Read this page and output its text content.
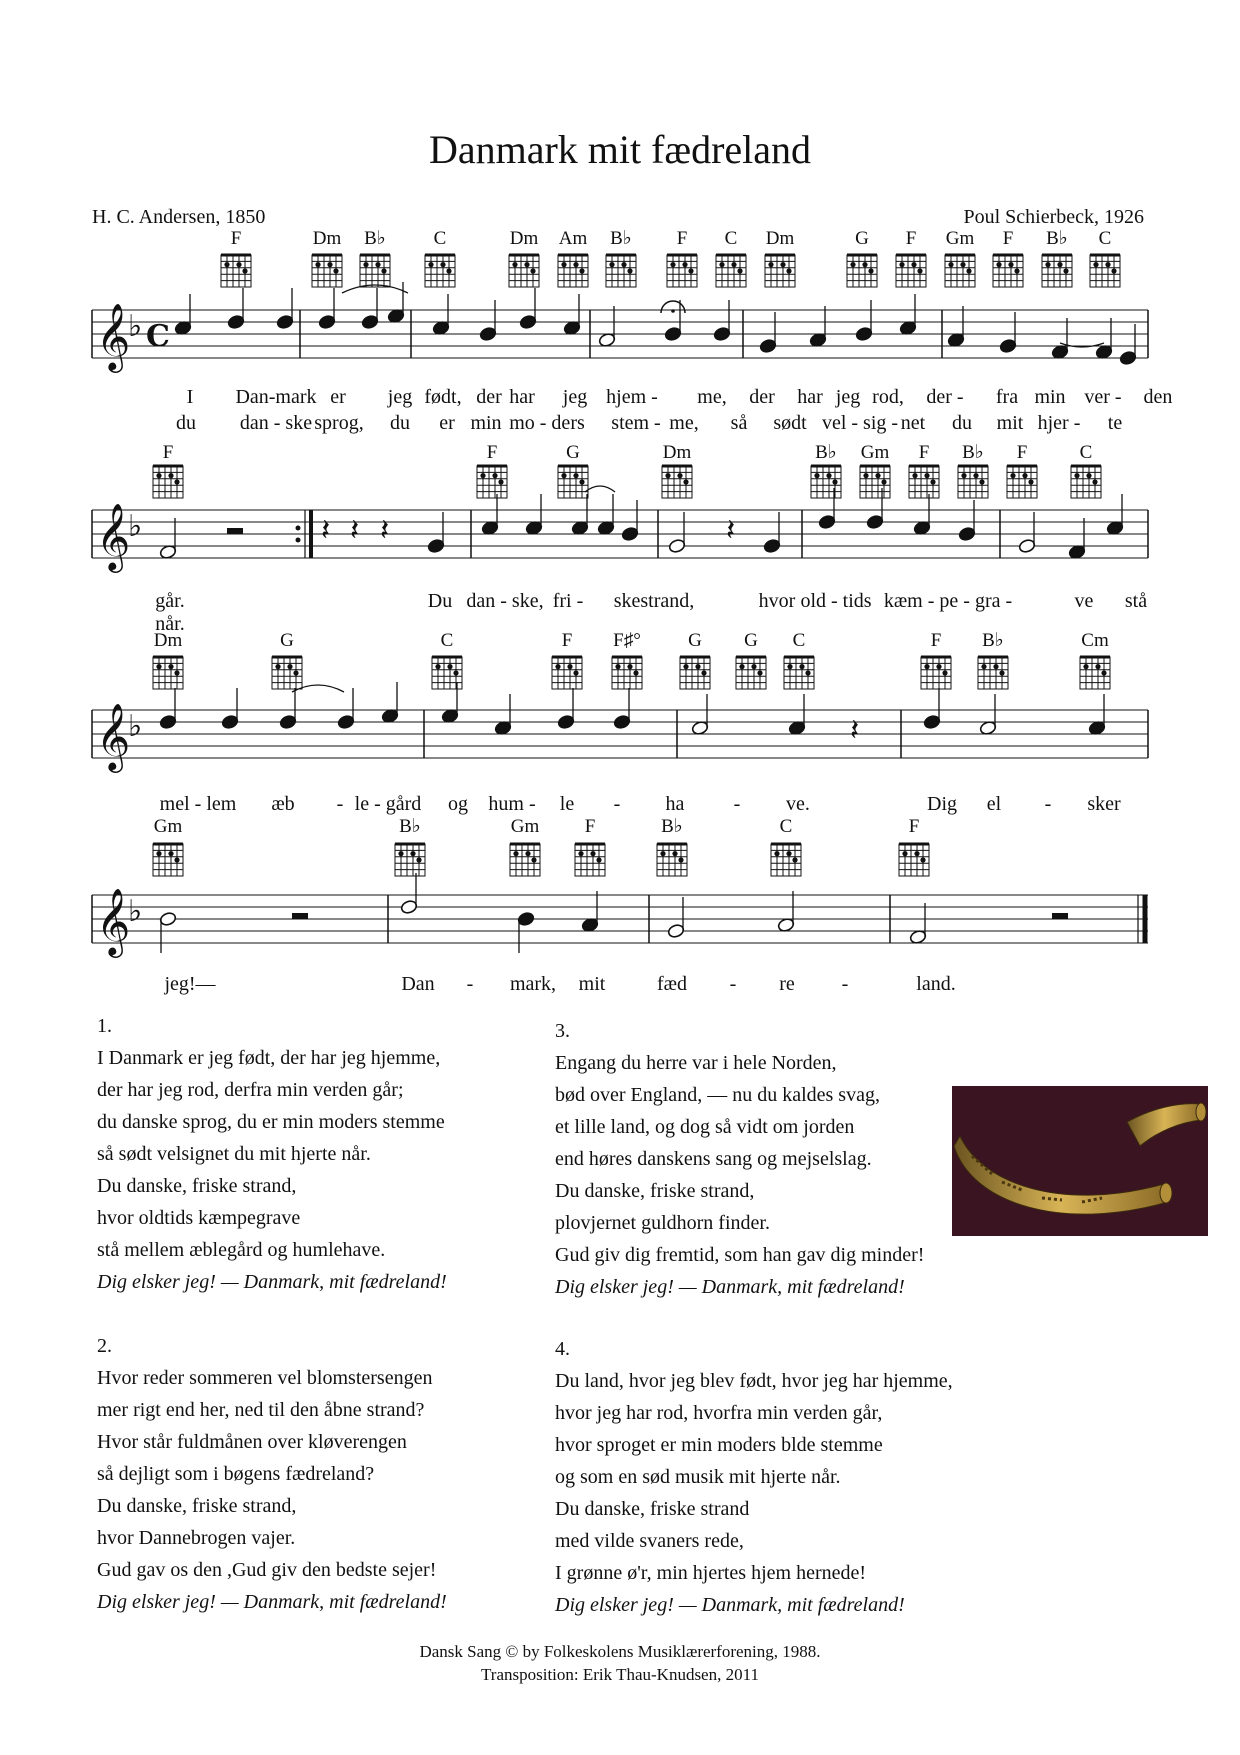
Danmark mit fædreland
H. C. Andersen, 1850	Poul Schierbeck, 1926
F	Dm B♭	C	Dm Am B♭ F C Dm	G F Gm F B♭ C
𝄞
♭ C
I Dan-mark er jeg født, der har jeg hjem - me, der har jeg rod, der - fra min ver - den
du dan - ske sprog, du er min mo - ders stem - me, så sødt vel - sig - net du mit hjer - te
F	F	G	Dm	B♭ Gm F B♭ F	C
𝄞
♭	𝄽 𝄽 𝄽	𝄽
går.	Du dan - ske, fri - skestrand,	hvor old - tids kæm - pe - gra -	ve stå
når.
Dm	G	C	F F♯° G G C	F B♭	Cm
𝄞
♭	𝄽
mel - lem æb - le - gård og hum - le - ha - ve.	Dig el - sker
Gm	B♭	Gm F	B♭	C	F
𝄞
♭
jeg!—	Dan - mark, mit	fæd - re -	land.
1.
I Danmark er jeg født, der har jeg hjemme,
der har jeg rod, derfra min verden går;
du danske sprog, du er min moders stemme
så sødt velsignet du mit hjerte når.
Du danske, friske strand,
hvor oldtids kæmpegrave
stå mellem æblegård og humlehave.
Dig elsker jeg! — Danmark, mit fædreland!
2.
Hvor reder sommeren vel blomstersengen
mer rigt end her, ned til den åbne strand?
Hvor står fuldmånen over kløverengen
så dejligt som i bøgens fædreland?
Du danske, friske strand,
hvor Dannebrogen vajer.
Gud gav os den ,Gud giv den bedste sejer!
Dig elsker jeg! — Danmark, mit fædreland!
3.
Engang du herre var i hele Norden,
bød over England, — nu du kaldes svag,
et lille land, og dog så vidt om jorden
end høres danskens sang og mejselslag.
Du danske, friske strand,
plovjernet guldhorn finder.
Gud giv dig fremtid, som han gav dig minder!
Dig elsker jeg! — Danmark, mit fædreland!
4.
Du land, hvor jeg blev født, hvor jeg har hjemme,
hvor jeg har rod, hvorfra min verden går,
hvor sproget er min moders blde stemme
og som en sød musik mit hjerte når.
Du danske, friske strand
med vilde svaners rede,
I grønne ø'r, min hjertes hjem hernede!
Dig elsker jeg! — Danmark, mit fædreland!
Dansk Sang © by Folkeskolens Musiklærerforening, 1988.
Transposition: Erik Thau-Knudsen, 2011
